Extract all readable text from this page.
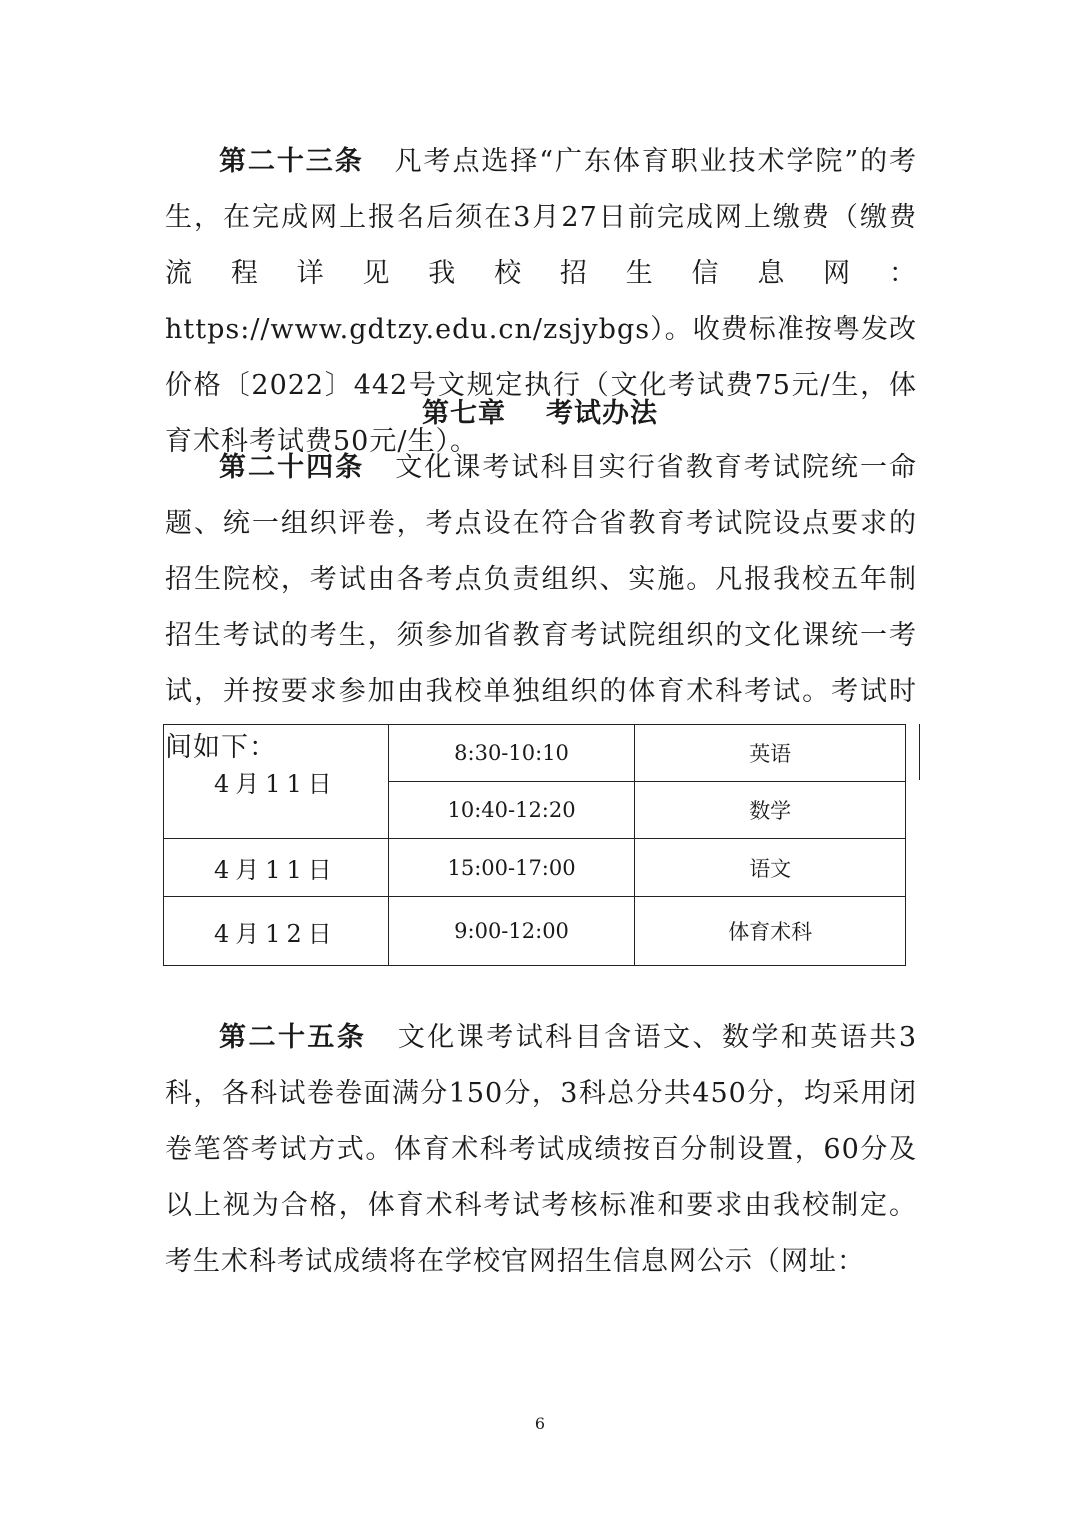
第二十三条 凡考点选择“广东体育职业技术学院”的考生，在完成网上报名后须在3月27日前完成网上缴费（缴费流程详见我校招生信息网：https://www.gdtzy.edu.cn/zsjybgs）。收费标准按粤发改价格〔2022〕442号文规定执行（文化考试费75元/生，体育术科考试费50元/生）。

第七章 考试办法

第二十四条 文化课考试科目实行省教育考试院统一命题、统一组织评卷，考点设在符合省教育考试院设点要求的招生院校，考试由各考点负责组织、实施。凡报我校五年制招生考试的考生，须参加省教育考试院组织的文化课统一考试，并按要求参加由我校单独组织的体育术科考试。考试时间如下：

4月11日	8:30-10:10	英语
	10:40-12:20	数学
4月11日	15:00-17:00	语文
4月12日	9:00-12:00	体育术科

第二十五条 文化课考试科目含语文、数学和英语共3科，各科试卷卷面满分150分，3科总分共450分，均采用闭卷笔答考试方式。体育术科考试成绩按百分制设置，60分及以上视为合格，体育术科考试考核标准和要求由我校制定。考生术科考试成绩将在学校官网招生信息网公示（网址：

6
